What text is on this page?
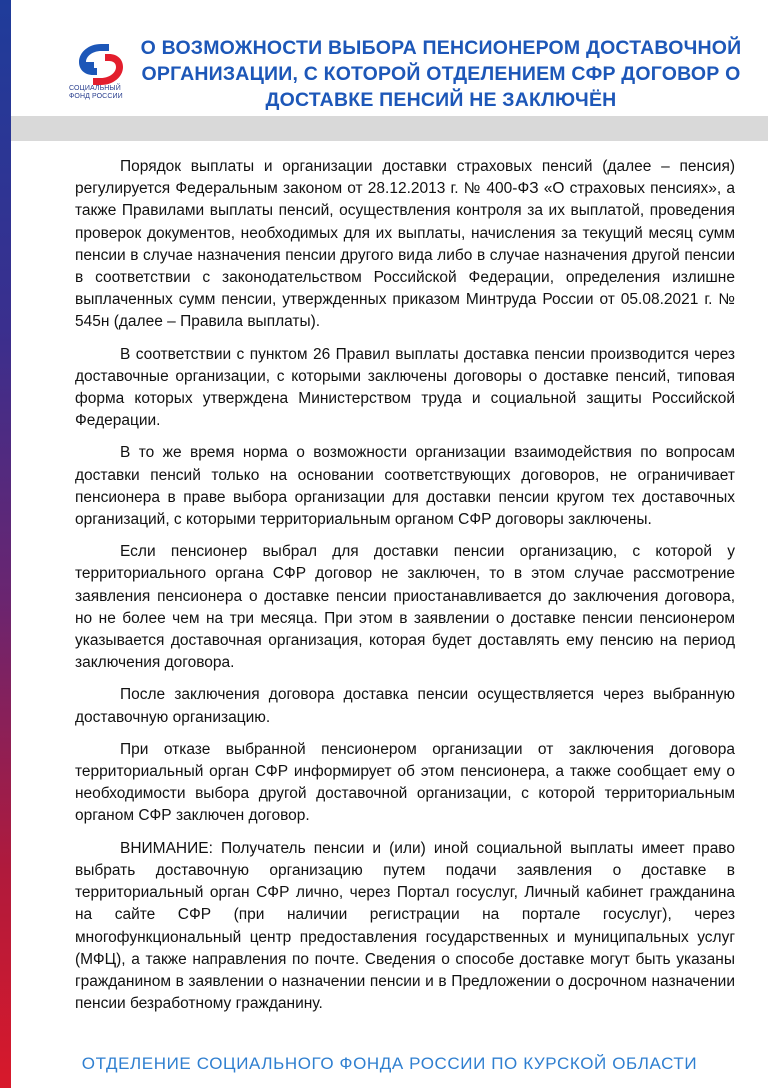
СОЦИАЛЬНЫЙ ФОНД РОССИИ
О ВОЗМОЖНОСТИ ВЫБОРА ПЕНСИОНЕРОМ ДОСТАВОЧНОЙ ОРГАНИЗАЦИИ, С КОТОРОЙ ОТДЕЛЕНИЕМ СФР ДОГОВОР О ДОСТАВКЕ ПЕНСИЙ НЕ ЗАКЛЮЧЁН

Порядок выплаты и организации доставки страховых пенсий (далее – пенсия) регулируется Федеральным законом от 28.12.2013 г. № 400-ФЗ «О страховых пенсиях», а также Правилами выплаты пенсий, осуществления контроля за их выплатой, проведения проверок документов, необходимых для их выплаты, начисления за текущий месяц сумм пенсии в случае назначения пенсии другого вида либо в случае назначения другой пенсии в соответствии с законодательством Российской Федерации, определения излишне выплаченных сумм пенсии, утвержденных приказом Минтруда России от 05.08.2021 г. № 545н (далее – Правила выплаты).

В соответствии с пунктом 26 Правил выплаты доставка пенсии производится через доставочные организации, с которыми заключены договоры о доставке пенсий, типовая форма которых утверждена Министерством труда и социальной защиты Российской Федерации.

В то же время норма о возможности организации взаимодействия по вопросам доставки пенсий только на основании соответствующих договоров, не ограничивает пенсионера в праве выбора организации для доставки пенсии кругом тех доставочных организаций, с которыми территориальным органом СФР договоры заключены.

Если пенсионер выбрал для доставки пенсии организацию, с которой у территориального органа СФР договор не заключен, то в этом случае рассмотрение заявления пенсионера о доставке пенсии приостанавливается до заключения договора, но не более чем на три месяца. При этом в заявлении о доставке пенсии пенсионером указывается доставочная организация, которая будет доставлять ему пенсию на период заключения договора.

После заключения договора доставка пенсии осуществляется через выбранную доставочную организацию.

При отказе выбранной пенсионером организации от заключения договора территориальный орган СФР информирует об этом пенсионера, а также сообщает ему о необходимости выбора другой доставочной организации, с которой территориальным органом СФР заключен договор.

ВНИМАНИЕ: Получатель пенсии и (или) иной социальной выплаты имеет право выбрать доставочную организацию путем подачи заявления о доставке в территориальный орган СФР лично, через Портал госуслуг, Личный кабинет гражданина на сайте СФР (при наличии регистрации на портале госуслуг), через многофункциональный центр предоставления государственных и муниципальных услуг (МФЦ), а также направления по почте. Сведения о способе доставке могут быть указаны гражданином в заявлении о назначении пенсии и в Предложении о досрочном назначении пенсии безработному гражданину.

ОТДЕЛЕНИЕ СОЦИАЛЬНОГО ФОНДА РОССИИ ПО КУРСКОЙ ОБЛАСТИ
